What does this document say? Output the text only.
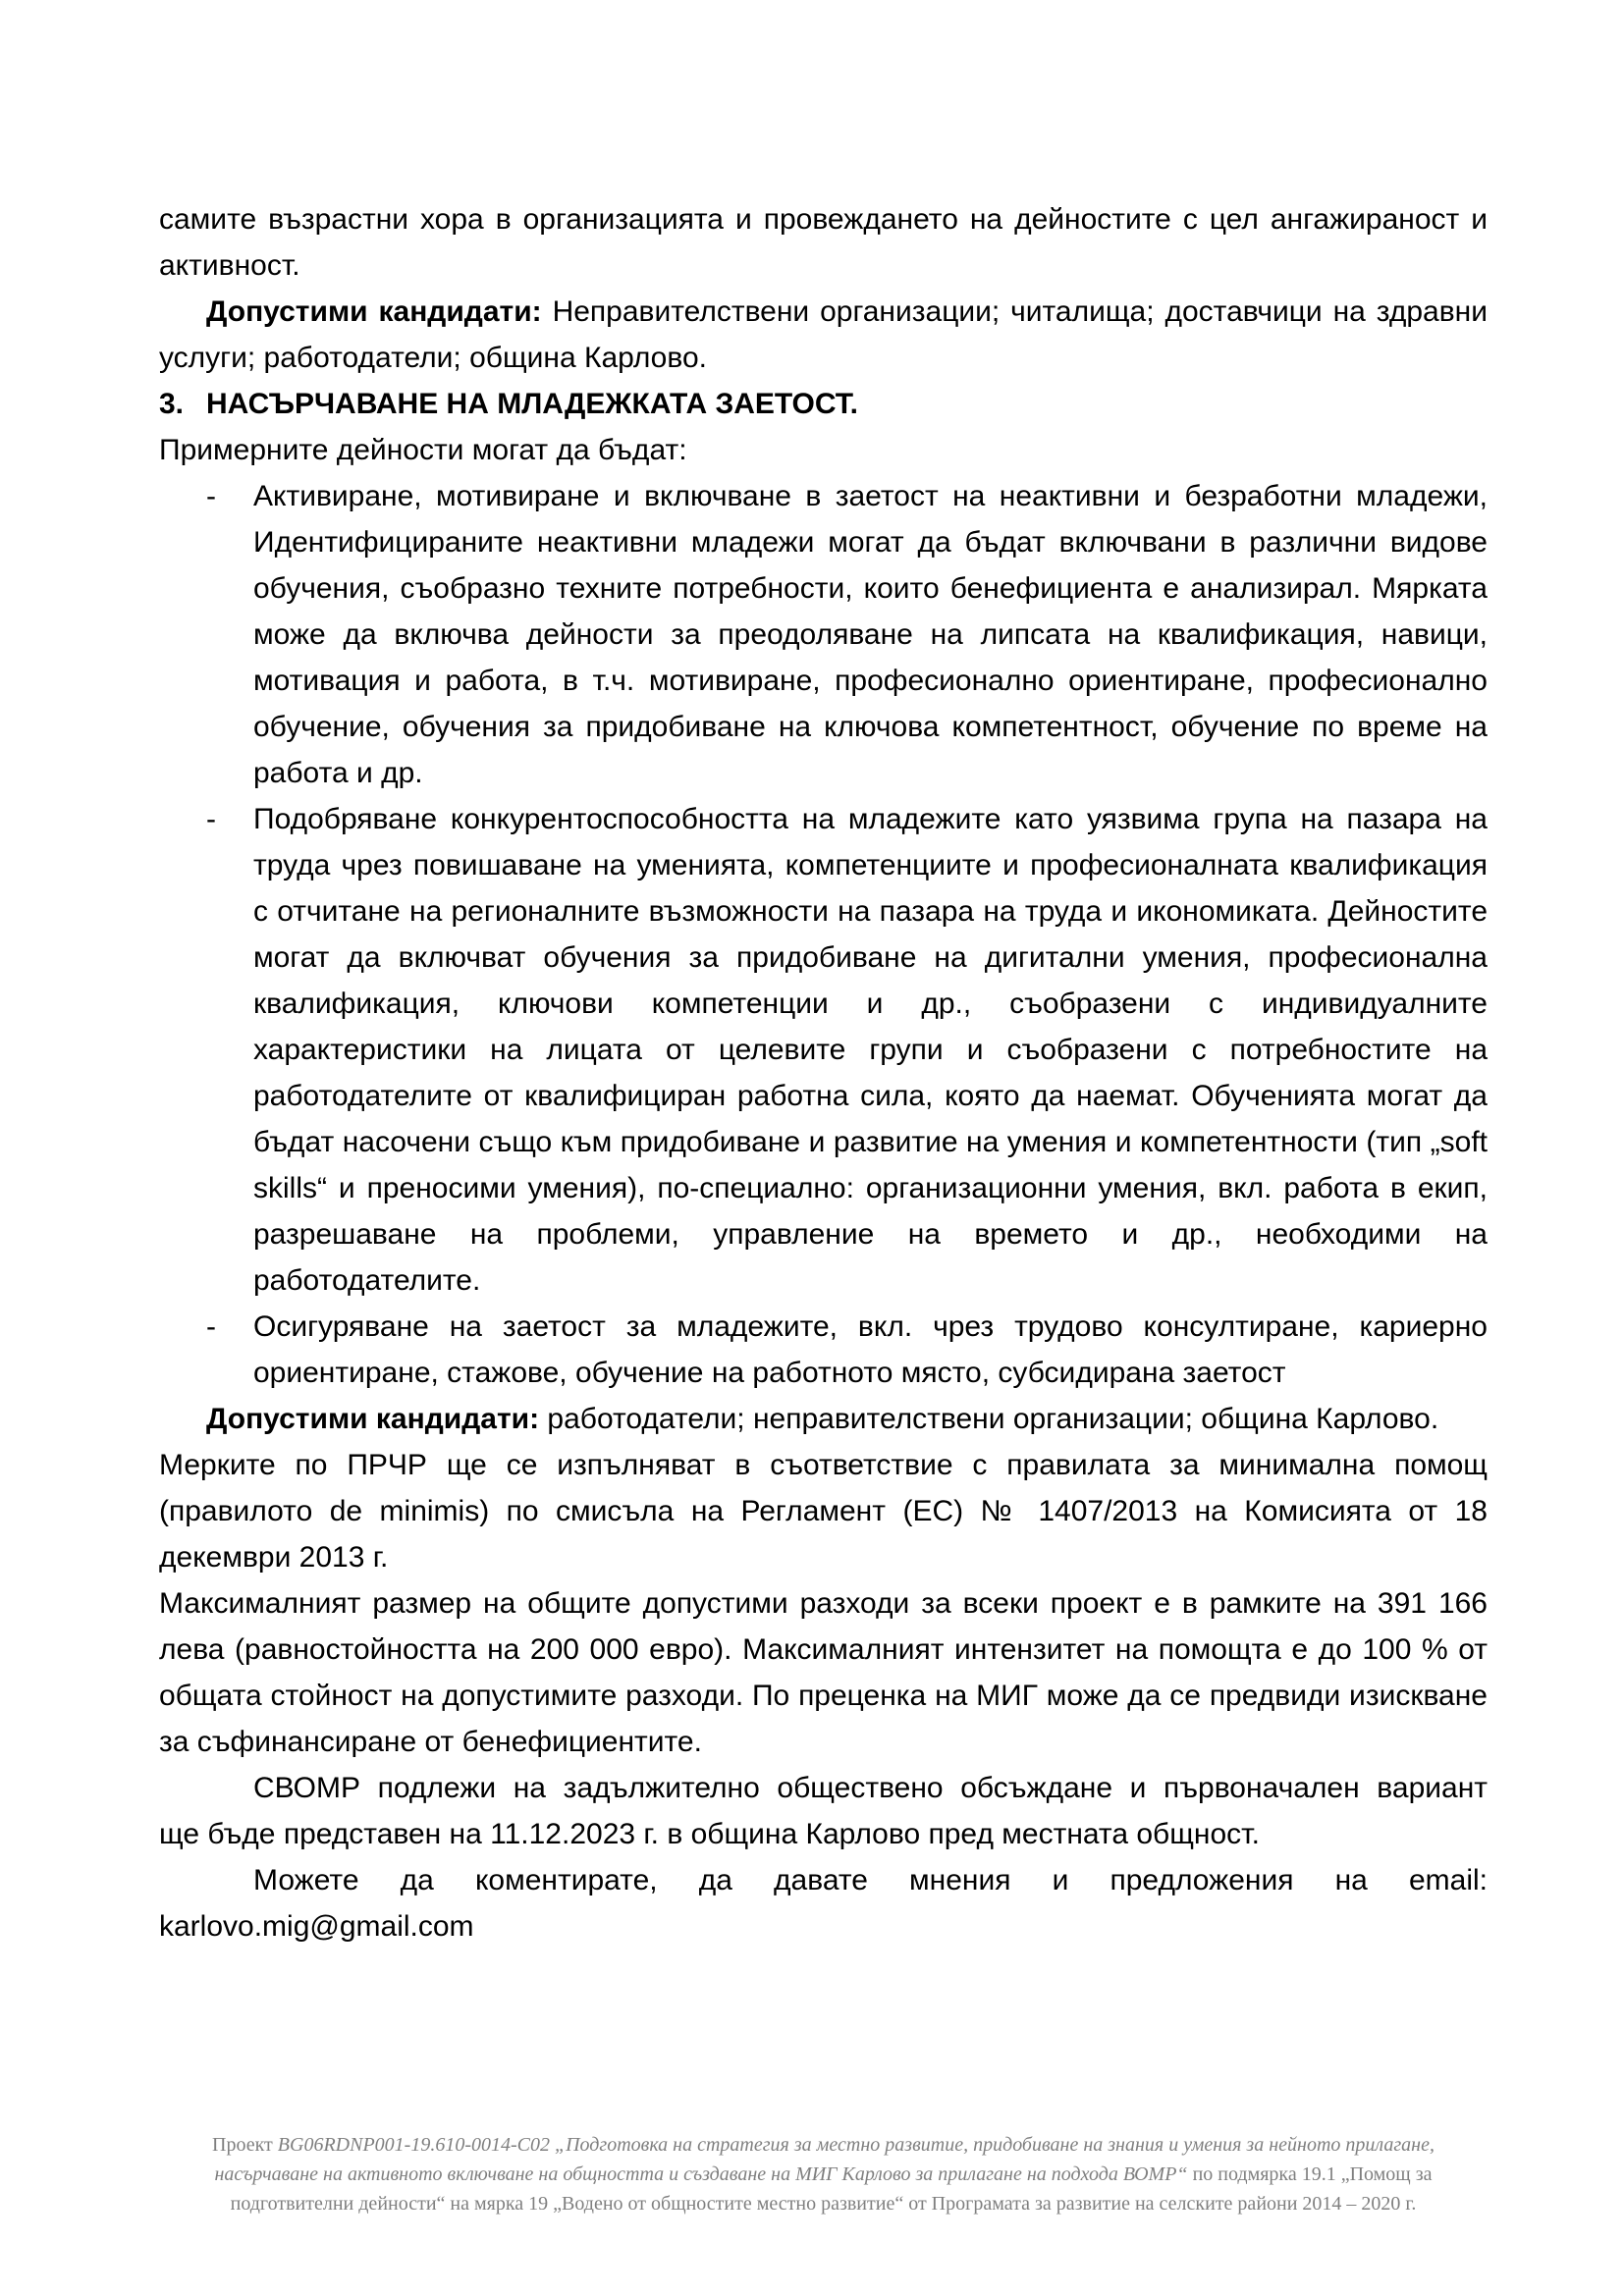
самите възрастни хора в организацията и провеждането на дейностите с цел ангажираност и активност.

Допустими кандидати: Неправителствени организации; читалища; доставчици на здравни услуги; работодатели; община Карлово.

3. НАСЪРЧАВАНЕ НА МЛАДЕЖКАТА ЗАЕТОСТ.

Примерните дейности могат да бъдат:

- Активиране, мотивиране и включване в заетост на неактивни и безработни младежи, Идентифицираните неактивни младежи могат да бъдат включвани в различни видове обучения, съобразно техните потребности, които бенефициента е анализирал. Мярката може да включва дейности за преодоляване на липсата на квалификация, навици, мотивация и работа, в т.ч. мотивиране, професионално ориентиране, професионално обучение, обучения за придобиване на ключова компетентност, обучение по време на работа и др.
- Подобряване конкурентоспособността на младежите като уязвима група на пазара на труда чрез повишаване на уменията, компетенциите и професионалната квалификация с отчитане на регионалните възможности на пазара на труда и икономиката. Дейностите могат да включват обучения за придобиване на дигитални умения, професионална квалификация, ключови компетенции и др., съобразени с индивидуалните характеристики на лицата от целевите групи и съобразени с потребностите на работодателите от квалифициран работна сила, която да наемат. Обученията могат да бъдат насочени също към придобиване и развитие на умения и компетентности (тип „soft skills“ и преносими умения), по-специално: организационни умения, вкл. работа в екип, разрешаване на проблеми, управление на времето и др., необходими на работодателите.
- Осигуряване на заетост за младежите, вкл. чрез трудово консултиране, кариерно ориентиране, стажове, обучение на работното място, субсидирана заетост

Допустими кандидати: работодатели; неправителствени организации; община Карлово.

Мерките по ПРЧР ще се изпълняват в съответствие с правилата за минимална помощ (правилото de minimis) по смисъла на Регламент (ЕС) № 1407/2013 на Комисията от 18 декември 2013 г.

Максималният размер на общите допустими разходи за всеки проект е в рамките на 391 166 лева (равностойността на 200 000 евро). Максималният интензитет на помощта е до 100 % от общата стойност на допустимите разходи. По преценка на МИГ може да се предвиди изискване за съфинансиране от бенефициентите.

СВОМР подлежи на задължително обществено обсъждане и първоначален вариант
ще бъде представен на 11.12.2023 г. в община Карлово пред местната общност.
Можете да коментирате, да давате мнения и предложения на email:
karlovo.mig@gmail.com
Проект BG06RDNP001-19.610-0014-C02 „Подготовка на стратегия за местно развитие, придобиване на знания и умения за нейното прилагане, насърчаване на активното включване на общността и създаване на МИГ Карлово за прилагане на подхода ВОМР“ по подмярка 19.1 „Помощ за подготвителни дейности“ на мярка 19 „Водено от общностите местно развитие“ от Програмата за развитие на селските райони 2014 – 2020 г.
